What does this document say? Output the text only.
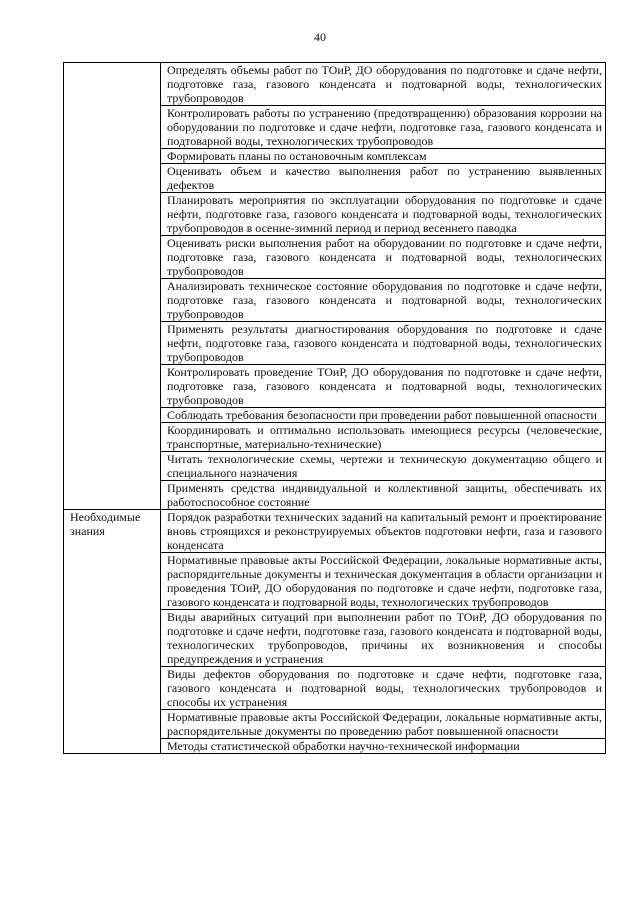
40
	Определять объемы работ по ТОиР, ДО оборудования по подготовке и сдаче нефти, подготовке газа, газового конденсата и подтоварной воды, технологических трубопроводов
	Контролировать работы по устранению (предотвращению) образования коррозии на оборудовании по подготовке и сдаче нефти, подготовке газа, газового конденсата и подтоварной воды, технологических трубопроводов
	Формировать планы по остановочным комплексам
	Оценивать объем и качество выполнения работ по устранению выявленных дефектов
	Планировать мероприятия по эксплуатации оборудования по подготовке и сдаче нефти, подготовке газа, газового конденсата и подтоварной воды, технологических трубопроводов в осенне-зимний период и период весеннего паводка
	Оценивать риски выполнения работ на оборудовании по подготовке и сдаче нефти, подготовке газа, газового конденсата и подтоварной воды, технологических трубопроводов
	Анализировать техническое состояние оборудования по подготовке и сдаче нефти, подготовке газа, газового конденсата и подтоварной воды, технологических трубопроводов
	Применять результаты диагностирования оборудования по подготовке и сдаче нефти, подготовке газа, газового конденсата и подтоварной воды, технологических трубопроводов
	Контролировать проведение ТОиР, ДО оборудования по подготовке и сдаче нефти, подготовке газа, газового конденсата и подтоварной воды, технологических трубопроводов
	Соблюдать требования безопасности при проведении работ повышенной опасности
	Координировать и оптимально использовать имеющиеся ресурсы (человеческие, транспортные, материально-технические)
	Читать технологические схемы, чертежи и техническую документацию общего и специального назначения
	Применять средства индивидуальной и коллективной защиты, обеспечивать их работоспособное состояние
Необходимые знания	Порядок разработки технических заданий на капитальный ремонт и проектирование вновь строящихся и реконструируемых объектов подготовки нефти, газа и газового конденсата
	Нормативные правовые акты Российской Федерации, локальные нормативные акты, распорядительные документы и техническая документация в области организации и проведения ТОиР, ДО оборудования по подготовке и сдаче нефти, подготовке газа, газового конденсата и подтоварной воды, технологических трубопроводов
	Виды аварийных ситуаций при выполнении работ по ТОиР, ДО оборудования по подготовке и сдаче нефти, подготовке газа, газового конденсата и подтоварной воды, технологических трубопроводов, причины их возникновения и способы предупреждения и устранения
	Виды дефектов оборудования по подготовке и сдаче нефти, подготовке газа, газового конденсата и подтоварной воды, технологических трубопроводов и способы их устранения
	Нормативные правовые акты Российской Федерации, локальные нормативные акты, распорядительные документы по проведению работ повышенной опасности
	Методы статистической обработки научно-технической информации
